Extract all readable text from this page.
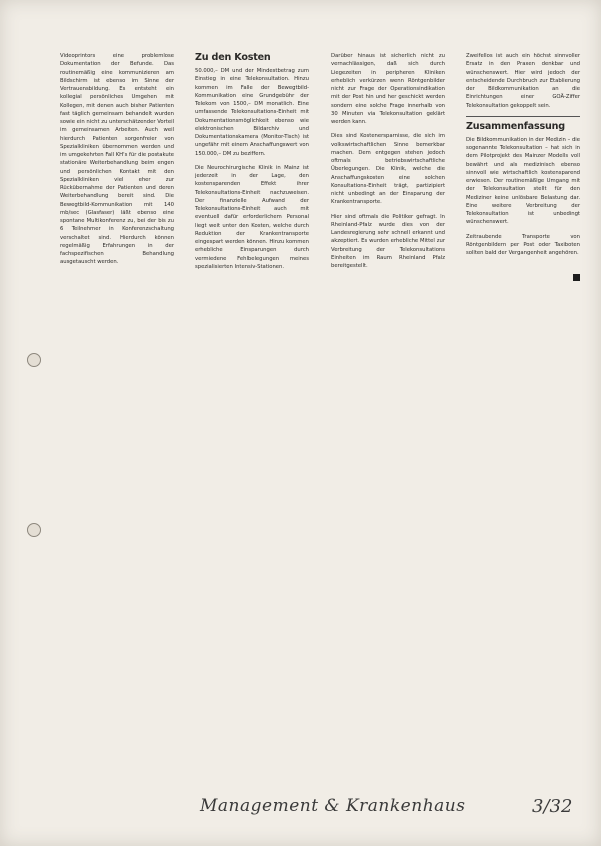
Videoprintors eine problemlose Dokumentation der Befunde. Das routinemäßig eine kommunizieren am Bildschirm ist ebenso im Sinne der Vertrauensbildung. Es entsteht ein kollegial persönliches Umgehen mit Kollegen, mit denen auch bisher Patienten fast täglich gemeinsam behandelt wurden sowie ein nicht zu unterschätzender Vorteil im gemeinsamen Arbeiten. Auch weil hierdurch Patienten sorgenfreier von Spezialkliniken übernommen werden und im umgekehrten Fall KH's für die postakute stationäre Weiterbehandlung beim engen und persönlichen Kontakt mit den Spezialkliniken viel eher zur Rückübernahme der Patienten und deren Weiterbehandlung bereit sind. Die Bewegtbild-Kommunikation mit 140 mb/sec (Glasfaser) läßt ebenso eine spontane Multikonferenz zu, bei der bis zu 6 Teilnehmer in Konferenzschaltung verschaltet sind. Hierdurch können regelmäßig Erfahrungen in der fachspezifischen Behandlung ausgetauscht werden.

Zu den Kosten

50.000,– DM und der Mindestbetrag zum Einstieg in eine Telekonsultation. Hinzu kommen im Falle der Bewegtbild-Kommunikation eine Grundgebühr der Telekom von 1500,– DM monatlich. Eine umfassende Telekonsultations-Einheit mit Dokumentationsmöglichkeit ebenso wie elektronischen Bildarchiv und Dokumentationskamera (Monitor-Tisch) ist ungefähr mit einem Anschaffungswert von 150.000,– DM zu beziffern.

Die Neurochirurgische Klinik in Mainz ist jederzeit in der Lage, den kostensparenden Effekt ihrer Telekonsultations-Einheit nachzuweisen. Der finanzielle Aufwand der Telekonsultations-Einheit auch mit eventuell dafür erforderlichem Personal liegt weit unter den Kosten, welche durch Reduktion der Krankentransporte eingespart werden können. Hinzu kommen erhebliche Einsparungen durch vermiedene Fehlbelegungen meines spezialisierten Intensiv-Stationen.

Darüber hinaus ist sicherlich nicht zu vernachlässigen, daß sich durch Liegezeiten in peripheren Kliniken erheblich verkürzen wenn Röntgenbilder nicht zur Frage der Operationsindikation mit der Post hin und her geschickt werden sondern eine solche Frage innerhalb von 30 Minuten via Telekonsultation geklärt werden kann.

Dies sind Kostenersparnisse, die sich im volkswirtschaftlichen Sinne bemerkbar machen. Dem entgegen stehen jedoch oftmals betriebswirtschaftliche Überlegungen. Die Klinik, welche die Anschaffungskosten eine solchen Konsultations-Einheit trägt, partizipiert nicht unbedingt an der Einsparung der Krankentransporte.

Hier sind oftmals die Politiker gefragt. In Rheinland-Pfalz wurde dies von der Landesregierung sehr schnell erkannt und akzeptiert. Es wurden erhebliche Mittel zur Verbreitung der Telekonsultations Einheiten im Raum Rheinland Pfalz bereitgestellt.

Zweifellos ist auch ein höchst sinnvoller Ersatz in den Praxen denkbar und wünschenswert. Hier wird jedoch der entscheidende Durchbruch zur Etablierung der Bildkommunikation an die Einrichtungen einer GOÄ-Ziffer Telekonsultation gekoppelt sein.

Zusammenfassung

Die Bildkommunikation in der Medizin – die sogenannte Telekonsultation – hat sich in dem Pilotprojekt des Mainzer Modells voll bewährt und als medizinisch ebenso sinnvoll wie wirtschaftlich kostensparend erwiesen. Der routinemäßige Umgang mit der Telekonsultation stellt für den Mediziner keine unlösbare Belastung dar. Eine weitere Verbreitung der Telekonsultation ist unbedingt wünschenswert.

Zeitraubende Transporte von Röntgenbildern per Post oder Taxiboten sollten bald der Vergangenheit angehören.

Management & Krankenhaus	3/32
